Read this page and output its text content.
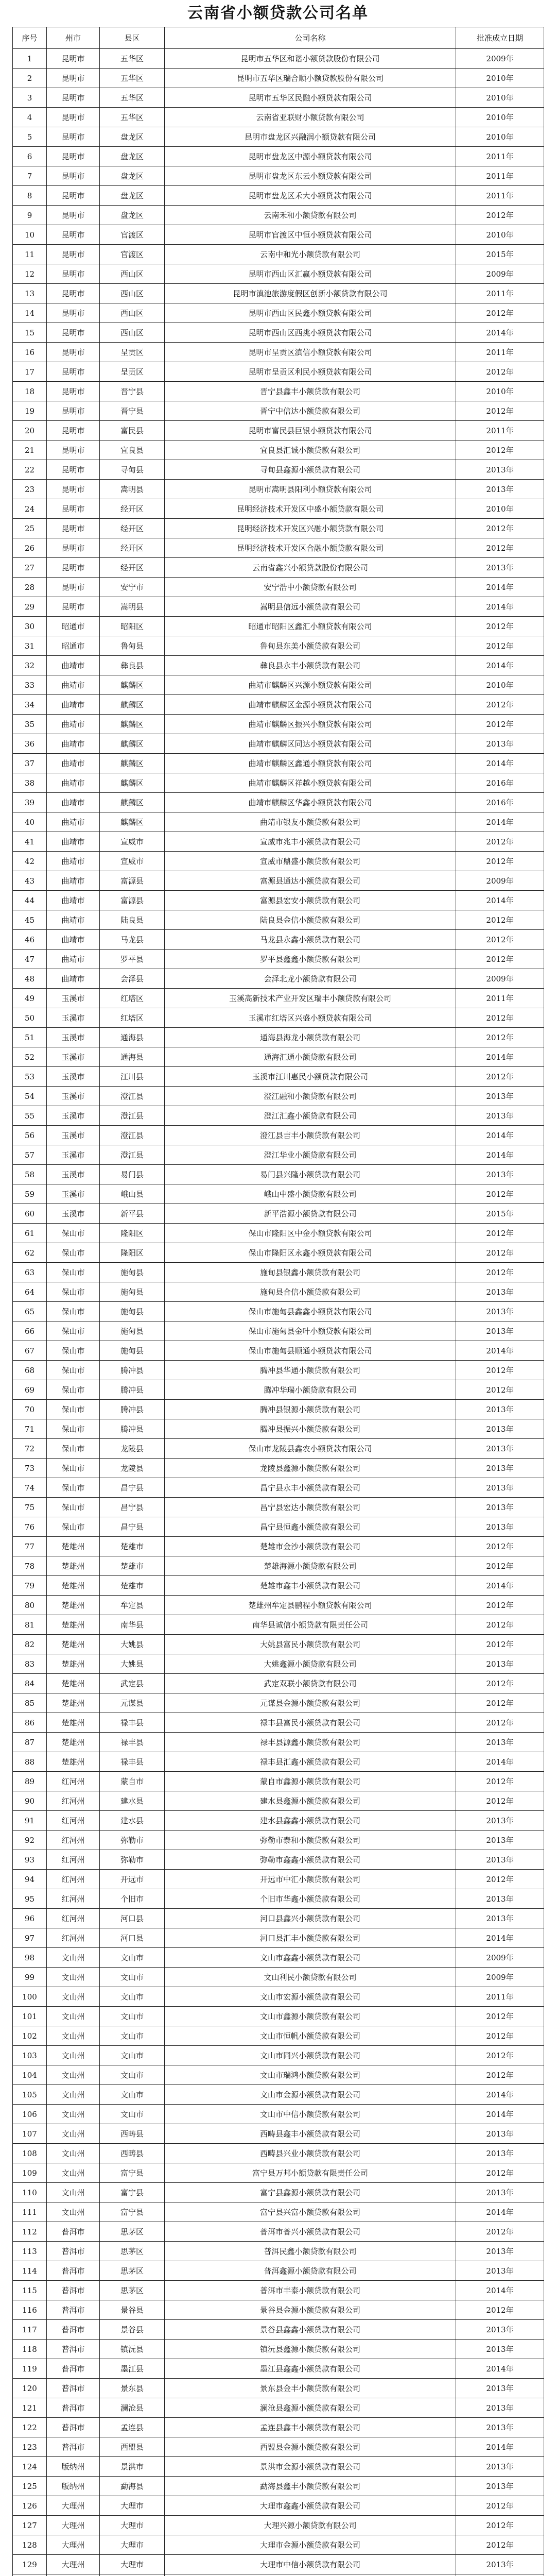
云南省小额贷款公司名单
序号	州市	县区	公司名称	批准成立日期
1	昆明市	五华区	昆明市五华区和谐小额贷款股份有限公司	2009年
2	昆明市	五华区	昆明市五华区瑞合顺小额贷款股份有限公司	2010年
3	昆明市	五华区	昆明市五华区民融小额贷款有限公司	2010年
4	昆明市	五华区	云南省亚联财小额贷款有限公司	2010年
5	昆明市	盘龙区	昆明市盘龙区兴融润小额贷款有限公司	2010年
6	昆明市	盘龙区	昆明市盘龙区中源小额贷款有限公司	2011年
7	昆明市	盘龙区	昆明市盘龙区东云小额贷款有限公司	2011年
8	昆明市	盘龙区	昆明市盘龙区禾大小额贷款有限公司	2011年
9	昆明市	盘龙区	云南禾和小额贷款有限公司	2012年
10	昆明市	官渡区	昆明市官渡区中恒小额贷款有限公司	2010年
11	昆明市	官渡区	云南中和光小额贷款有限公司	2015年
12	昆明市	西山区	昆明市西山区汇赢小额贷款有限公司	2009年
13	昆明市	西山区	昆明市滇池旅游度假区创新小额贷款有限公司	2011年
14	昆明市	西山区	昆明市西山区民鑫小额贷款有限公司	2012年
15	昆明市	西山区	昆明市西山区西挑小额贷款有限公司	2014年
16	昆明市	呈贡区	昆明市呈贡区滇信小额贷款有限公司	2011年
17	昆明市	呈贡区	昆明市呈贡区利民小额贷款有限公司	2012年
18	昆明市	晋宁县	晋宁县鑫丰小额贷款有限公司	2010年
19	昆明市	晋宁县	晋宁中信达小额贷款有限公司	2012年
20	昆明市	富民县	昆明市富民县巨银小额贷款有限公司	2011年
21	昆明市	宜良县	宜良县汇诚小额贷款有限公司	2012年
22	昆明市	寻甸县	寻甸县鑫源小额贷款有限公司	2013年
23	昆明市	嵩明县	昆明市嵩明县阳利小额贷款有限公司	2013年
24	昆明市	经开区	昆明经济技术开发区中盛小额贷款有限公司	2010年
25	昆明市	经开区	昆明经济技术开发区兴融小额贷款有限公司	2012年
26	昆明市	经开区	昆明经济技术开发区合融小额贷款有限公司	2012年
27	昆明市	经开区	云南省鑫兴小额贷款股份有限公司	2013年
28	昆明市	安宁市	安宁浩中小额贷款有限公司	2014年
29	昆明市	嵩明县	嵩明县信远小额贷款有限公司	2014年
30	昭通市	昭阳区	昭通市昭阳区鑫汇小额贷款有限公司	2012年
31	昭通市	鲁甸县	鲁甸县东美小额贷款有限公司	2012年
32	曲靖市	彝良县	彝良县永丰小额贷款有限公司	2014年
33	曲靖市	麒麟区	曲靖市麒麟区兴源小额贷款有限公司	2010年
34	曲靖市	麒麟区	曲靖市麒麟区金源小额贷款有限公司	2012年
35	曲靖市	麒麟区	曲靖市麒麟区振兴小额贷款有限公司	2012年
36	曲靖市	麒麟区	曲靖市麒麟区同达小额贷款有限公司	2013年
37	曲靖市	麒麟区	曲靖市麒麟区鑫通小额贷款有限公司	2014年
38	曲靖市	麒麟区	曲靖市麒麟区祥越小额贷款有限公司	2016年
39	曲靖市	麒麟区	曲靖市麒麟区华鑫小额贷款有限公司	2016年
40	曲靖市	麒麟区	曲靖市银友小额贷款有限公司	2014年
41	曲靖市	宣威市	宣威市兆丰小额贷款有限公司	2012年
42	曲靖市	宣威市	宣威市鼎盛小额贷款有限公司	2012年
43	曲靖市	富源县	富源县通达小额贷款有限公司	2009年
44	曲靖市	富源县	富源县宏安小额贷款有限公司	2014年
45	曲靖市	陆良县	陆良县金信小额贷款有限公司	2012年
46	曲靖市	马龙县	马龙县永鑫小额贷款有限公司	2012年
47	曲靖市	罗平县	罗平县鑫鑫小额贷款有限公司	2012年
48	曲靖市	会泽县	会泽北龙小额贷款有限公司	2009年
49	玉溪市	红塔区	玉溪高新技术产业开发区瑞丰小额贷款有限公司	2011年
50	玉溪市	红塔区	玉溪市红塔区兴盛小额贷款有限公司	2012年
51	玉溪市	通海县	通海县海龙小额贷款有限公司	2012年
52	玉溪市	通海县	通海汇通小额贷款有限公司	2014年
53	玉溪市	江川县	玉溪市江川惠民小额贷款有限公司	2012年
54	玉溪市	澄江县	澄江融和小额贷款有限公司	2013年
55	玉溪市	澄江县	澄江汇鑫小额贷款有限公司	2013年
56	玉溪市	澄江县	澄江县吉丰小额贷款有限公司	2014年
57	玉溪市	澄江县	澄江华业小额贷款有限公司	2014年
58	玉溪市	易门县	易门县兴隆小额贷款有限公司	2013年
59	玉溪市	峨山县	峨山中盛小额贷款有限公司	2012年
60	玉溪市	新平县	新平浩源小额贷款有限公司	2015年
61	保山市	隆阳区	保山市隆阳区中金小额贷款有限公司	2012年
62	保山市	隆阳区	保山市隆阳区永鑫小额贷款有限公司	2012年
63	保山市	施甸县	施甸县银鑫小额贷款有限公司	2012年
64	保山市	施甸县	施甸县合信小额贷款有限公司	2013年
65	保山市	施甸县	保山市施甸县鑫鑫小额贷款有限公司	2013年
66	保山市	施甸县	保山市施甸县金叶小额贷款有限公司	2013年
67	保山市	施甸县	保山市施甸县顺通小额贷款有限公司	2014年
68	保山市	腾冲县	腾冲县华通小额贷款有限公司	2012年
69	保山市	腾冲县	腾冲华瑞小额贷款有限公司	2012年
70	保山市	腾冲县	腾冲县银源小额贷款有限公司	2013年
71	保山市	腾冲县	腾冲县振兴小额贷款有限公司	2013年
72	保山市	龙陵县	保山市龙陵县鑫农小额贷款有限公司	2013年
73	保山市	龙陵县	龙陵县鑫源小额贷款有限公司	2013年
74	保山市	昌宁县	昌宁县永丰小额贷款有限公司	2013年
75	保山市	昌宁县	昌宁县宏达小额贷款有限公司	2013年
76	保山市	昌宁县	昌宁县恒鑫小额贷款有限公司	2013年
77	楚雄州	楚雄市	楚雄市金沙小额贷款有限公司	2012年
78	楚雄州	楚雄市	楚雄海源小额贷款有限公司	2012年
79	楚雄州	楚雄市	楚雄市鑫丰小额贷款有限公司	2014年
80	楚雄州	牟定县	楚雄州牟定县鹏程小额贷款有限公司	2012年
81	楚雄州	南华县	南华县诚信小额贷款有限责任公司	2012年
82	楚雄州	大姚县	大姚县富民小额贷款有限公司	2012年
83	楚雄州	大姚县	大姚鑫源小额贷款有限公司	2013年
84	楚雄州	武定县	武定双联小额贷款有限公司	2012年
85	楚雄州	元谋县	元谋县金源小额贷款有限公司	2012年
86	楚雄州	禄丰县	禄丰县富民小额贷款有限公司	2012年
87	楚雄州	禄丰县	禄丰县源鑫小额贷款有限公司	2013年
88	楚雄州	禄丰县	禄丰县汇鑫小额贷款有限公司	2014年
89	红河州	蒙自市	蒙自市鑫源小额贷款有限公司	2012年
90	红河州	建水县	建水县鑫源小额贷款有限公司	2012年
91	红河州	建水县	建水县鑫鑫小额贷款有限公司	2013年
92	红河州	弥勒市	弥勒市泰和小额贷款有限公司	2013年
93	红河州	弥勒市	弥勒市鑫鑫小额贷款有限公司	2013年
94	红河州	开远市	开远市中汇小额贷款有限公司	2012年
95	红河州	个旧市	个旧市华鑫小额贷款有限公司	2013年
96	红河州	河口县	河口县鑫兴小额贷款有限公司	2013年
97	红河州	河口县	河口县汇丰小额贷款有限公司	2014年
98	文山州	文山市	文山市鑫鑫小额贷款有限公司	2009年
99	文山州	文山市	文山利民小额贷款有限公司	2009年
100	文山州	文山市	文山市宏源小额贷款有限公司	2011年
101	文山州	文山市	文山市鑫源小额贷款有限公司	2012年
102	文山州	文山市	文山市恒帆小额贷款有限公司	2012年
103	文山州	文山市	文山市同兴小额贷款有限公司	2012年
104	文山州	文山市	文山市瑞鸿小额贷款有限公司	2012年
105	文山州	文山市	文山市金源小额贷款有限公司	2014年
106	文山州	文山市	文山市中信小额贷款有限公司	2014年
107	文山州	西畴县	西畴县鑫丰小额贷款有限公司	2013年
108	文山州	西畴县	西畴县兴业小额贷款有限公司	2013年
109	文山州	富宁县	富宁县万邦小额贷款有限责任公司	2012年
110	文山州	富宁县	富宁县鑫源小额贷款有限公司	2013年
111	文山州	富宁县	富宁县兴富小额贷款有限公司	2014年
112	普洱市	思茅区	普洱市普兴小额贷款有限公司	2012年
113	普洱市	思茅区	普洱民鑫小额贷款有限公司	2013年
114	普洱市	思茅区	普洱鑫源小额贷款有限公司	2013年
115	普洱市	思茅区	普洱市丰泰小额贷款有限公司	2014年
116	普洱市	景谷县	景谷县金源小额贷款有限公司	2012年
117	普洱市	景谷县	景谷县鑫鑫小额贷款有限公司	2013年
118	普洱市	镇沅县	镇沅县鑫源小额贷款有限公司	2013年
119	普洱市	墨江县	墨江县鑫鑫小额贷款有限公司	2014年
120	普洱市	景东县	景东县金丰小额贷款有限公司	2013年
121	普洱市	澜沧县	澜沧县鑫源小额贷款有限公司	2013年
122	普洱市	孟连县	孟连县鑫丰小额贷款有限公司	2013年
123	普洱市	西盟县	西盟县金源小额贷款有限公司	2014年
124	版纳州	景洪市	景洪市金源小额贷款有限公司	2013年
125	版纳州	勐海县	勐海县鑫丰小额贷款有限公司	2013年
126	大理州	大理市	大理市鑫鑫小额贷款有限公司	2012年
127	大理州	大理市	大理兴源小额贷款有限公司	2012年
128	大理州	大理市	大理市金源小额贷款有限公司	2012年
129	大理州	大理市	大理市中信小额贷款有限公司	2013年
